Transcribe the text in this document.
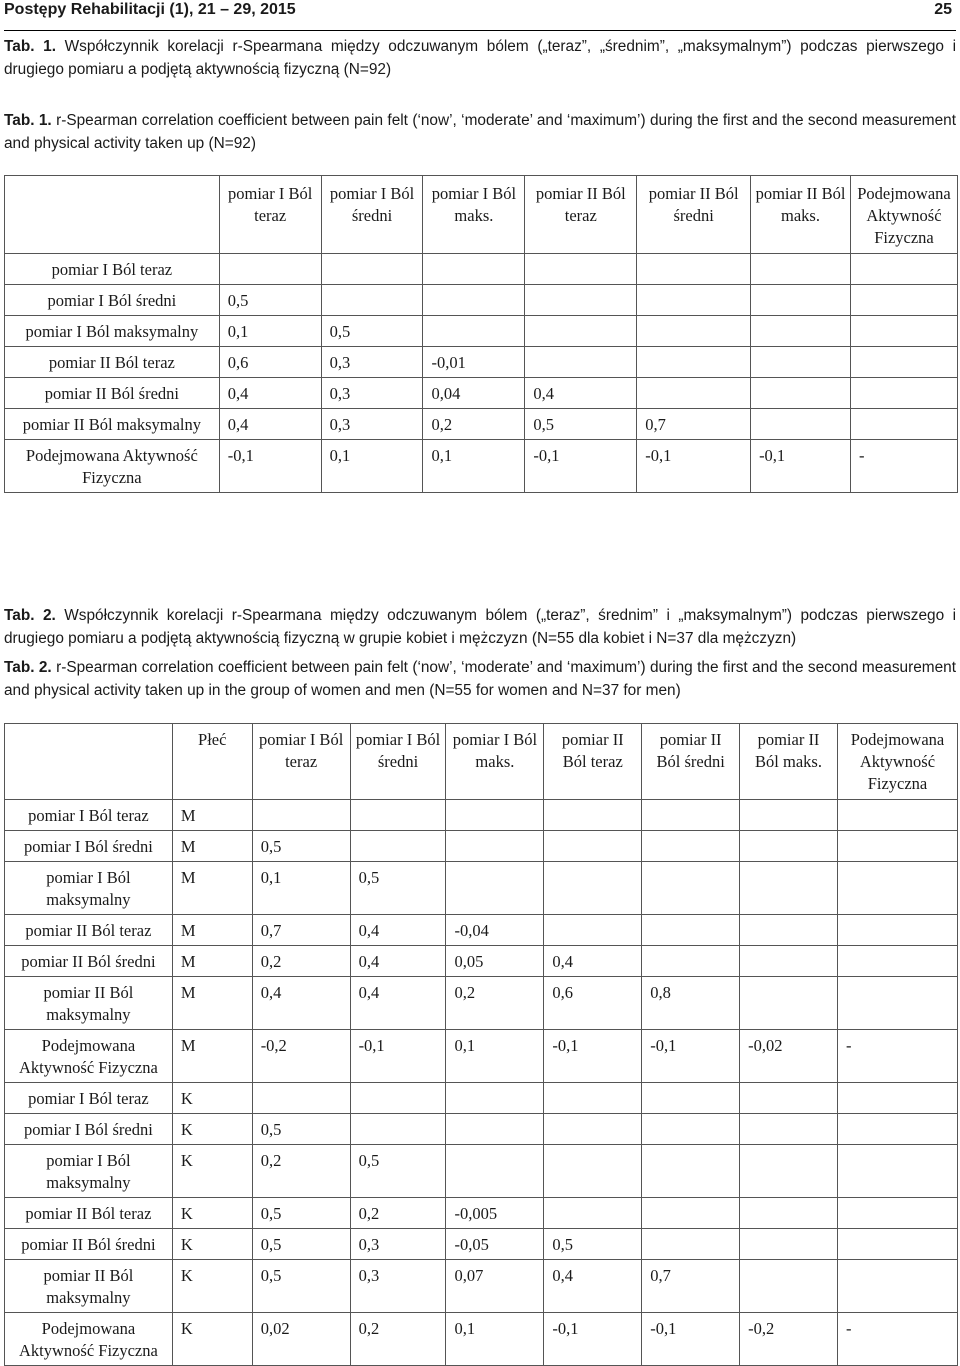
Postępy Rehabilitacji (1), 21 – 29, 2015	25
Tab. 1. Współczynnik korelacji r-Spearmana między odczuwanym bólem („teraz”, „średnim”, „maksymalnym”) podczas pierwszego i drugiego pomiaru a podjętą aktywnością fizyczną (N=92)
Tab. 1. r-Spearman correlation coefficient between pain felt (‘now’, ‘moderate’ and ‘maximum’) during the first and the second measurement and physical activity taken up (N=92)
	pomiar I Ból teraz	pomiar I Ból średni	pomiar I Ból maks.	pomiar II Ból teraz	pomiar II Ból średni	pomiar II Ból maks.	Podejmowana Aktywność Fizyczna
pomiar I Ból teraz							
pomiar I Ból średni	0,5						
pomiar I Ból maksymalny	0,1	0,5					
pomiar II Ból teraz	0,6	0,3	-0,01				
pomiar II Ból średni	0,4	0,3	0,04	0,4			
pomiar II Ból maksymalny	0,4	0,3	0,2	0,5	0,7		
Podejmowana Aktywność Fizyczna	-0,1	0,1	0,1	-0,1	-0,1	-0,1	-
Tab. 2. Współczynnik korelacji r-Spearmana między odczuwanym bólem („teraz”, średnim” i „maksymalnym”) podczas pierwszego i drugiego pomiaru a podjętą aktywnością fizyczną w grupie kobiet i mężczyzn (N=55 dla kobiet i N=37 dla mężczyzn)
Tab. 2. r-Spearman correlation coefficient between pain felt (‘now’, ‘moderate’ and ‘maximum’) during the first and the second measurement and physical activity taken up in the group of women and men (N=55 for women and N=37 for men)
	Płeć	pomiar I Ból teraz	pomiar I Ból średni	pomiar I Ból maks.	pomiar II Ból teraz	pomiar II Ból średni	pomiar II Ból maks.	Podejmowana Aktywność Fizyczna
pomiar I Ból teraz	M							
pomiar I Ból średni	M	0,5						
pomiar I Ból maksymalny	M	0,1	0,5					
pomiar II Ból teraz	M	0,7	0,4	-0,04				
pomiar II Ból średni	M	0,2	0,4	0,05	0,4			
pomiar II Ból maksymalny	M	0,4	0,4	0,2	0,6	0,8		
Podejmowana Aktywność Fizyczna	M	-0,2	-0,1	0,1	-0,1	-0,1	-0,02	-
pomiar I Ból teraz	K							
pomiar I Ból średni	K	0,5						
pomiar I Ból maksymalny	K	0,2	0,5					
pomiar II Ból teraz	K	0,5	0,2	-0,005				
pomiar II Ból średni	K	0,5	0,3	-0,05	0,5			
pomiar II Ból maksymalny	K	0,5	0,3	0,07	0,4	0,7		
Podejmowana Aktywność Fizyczna	K	0,02	0,2	0,1	-0,1	-0,1	-0,2	-
